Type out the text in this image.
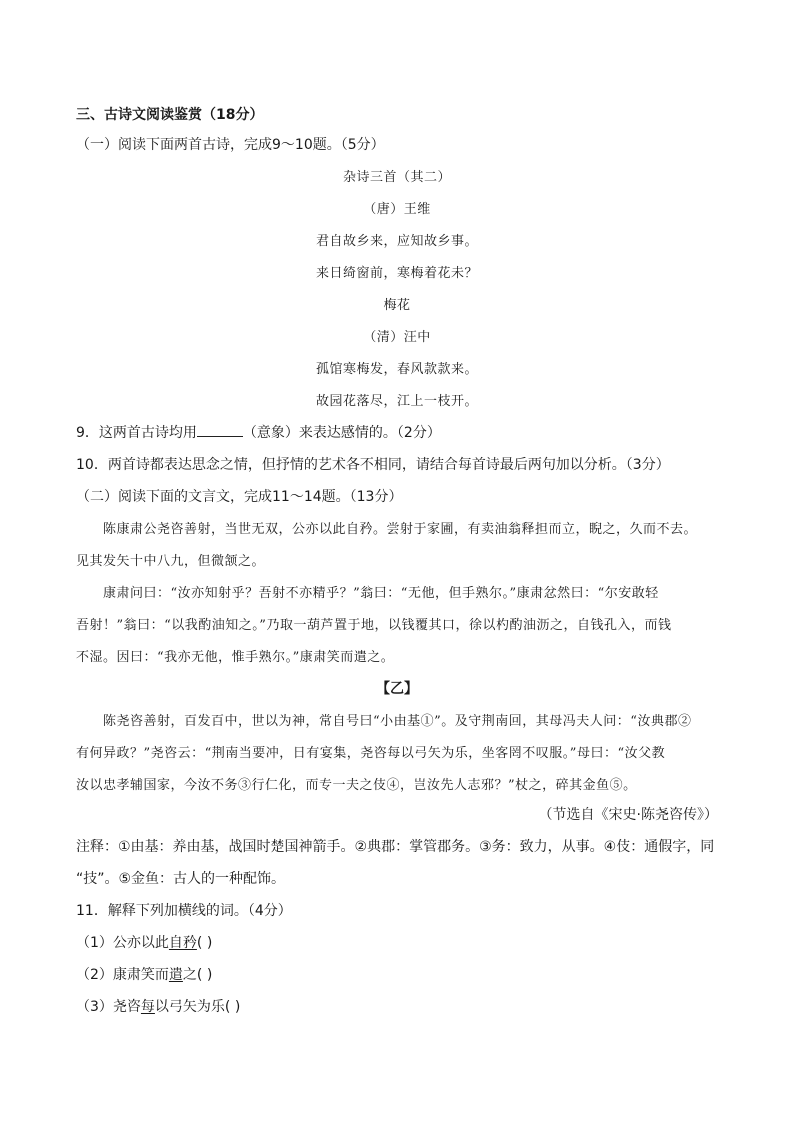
三、古诗文阅读鉴赏（18分）
（一）阅读下面两首古诗，完成9～10题。（5分）
杂诗三首（其二）
（唐）王维
君自故乡来，应知故乡事。
来日绮窗前，寒梅着花未？
梅花
（清）汪中
孤馆寒梅发，春风款款来。
故园花落尽，江上一枝开。
9．这两首古诗均用	（意象）来表达感情的。（2分）
10．两首诗都表达思念之情，但抒情的艺术各不相同，请结合每首诗最后两句加以分析。（3分）
（二）阅读下面的文言文，完成11～14题。（13分）
陈康肃公尧咨善射，当世无双，公亦以此自矜。尝射于家圃，有卖油翁释担而立，睨之，久而不去。
见其发矢十中八九，但微颔之。
康肃问曰：“汝亦知射乎？吾射不亦精乎？”翁曰：“无他，但手熟尔。”康肃忿然曰：“尔安敢轻
吾射！”翁曰：“以我酌油知之。”乃取一葫芦置于地，以钱覆其口，徐以杓酌油沥之，自钱孔入，而钱
不湿。因曰：“我亦无他，惟手熟尔。”康肃笑而遣之。
【乙】
陈尧咨善射，百发百中，世以为神，常自号曰“小由基①”。及守荆南回，其母冯夫人问：“汝典郡②
有何异政？”尧咨云：“荆南当要冲，日有宴集，尧咨每以弓矢为乐，坐客罔不叹服。”母曰：“汝父教
汝以忠孝辅国家，今汝不务③行仁化，而专一夫之伎④，岂汝先人志邪？”杖之，碎其金鱼⑤。
（节选自《宋史·陈尧咨传》）
注释：①由基：养由基，战国时楚国神箭手。②典郡：掌管郡务。③务：致力，从事。④伎：通假字，同
“技”。⑤金鱼：古人的一种配饰。
11．解释下列加横线的词。（4分）
（1）公亦以此自矜( )
（2）康肃笑而遣之( )
（3）尧咨每以弓矢为乐( )
